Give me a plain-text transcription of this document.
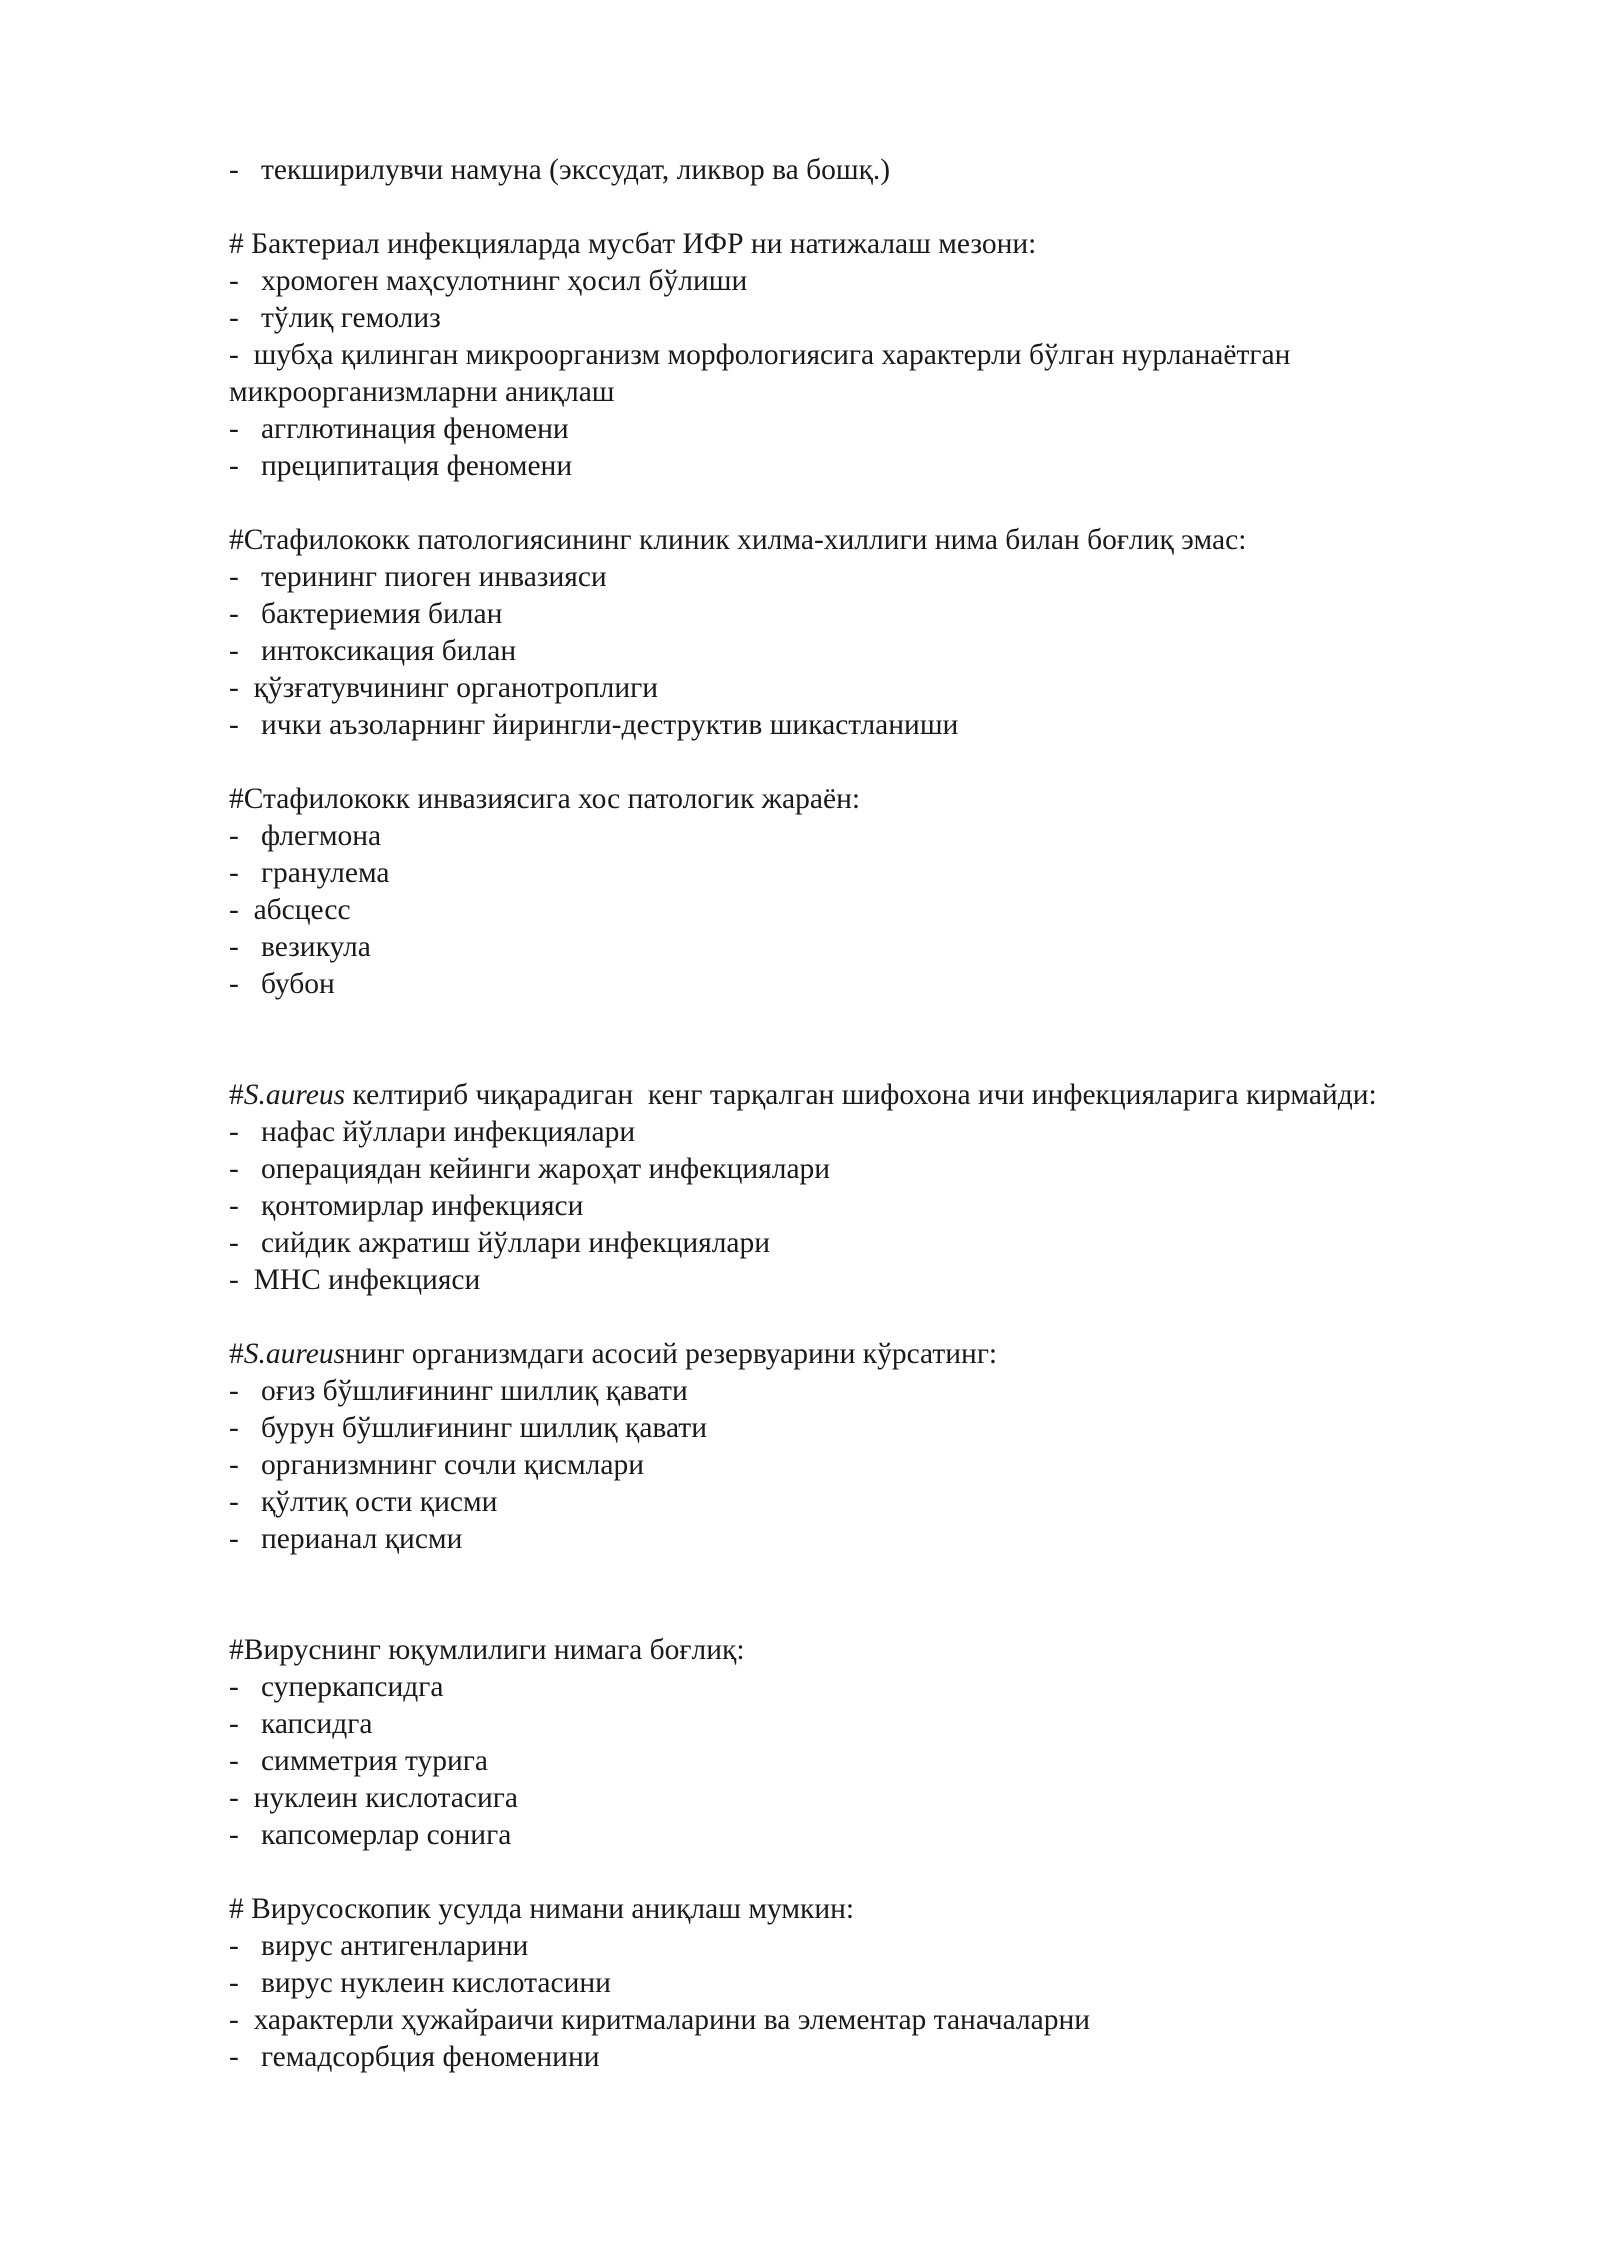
-   текширилувчи намуна (экссудат, ликвор ва бошқ.)
# Бактериал инфекцияларда мусбат ИФР ни натижалаш мезони:
-   хромоген маҳсулотнинг ҳосил бўлиши
-   тўлиқ гемолиз
-  шубҳа қилинган микроорганизм морфологиясига характерли бўлган нурланаётган
микроорганизмларни аниқлаш
-   агглютинация феномени
-   преципитация феномени
#Стафилококк патологиясининг клиник хилма-хиллиги нима билан боғлиқ эмас:
-   терининг пиоген инвазияси
-   бактериемия билан
-   интоксикация билан
-  қўзғатувчининг органотроплиги
-   ички аъзоларнинг йирингли-деструктив шикастланиши
#Стафилококк инвазиясига хос патологик жараён:
-   флегмона
-   гранулема
-  абсцесс
-   везикула
-   бубон
#S.aureus келтириб чиқарадиган  кенг тарқалган шифохона ичи инфекцияларига кирмайди:
-   нафас йўллари инфекциялари
-   операциядан кейинги жароҳат инфекциялари
-   қонтомирлар инфекцияси
-   сийдик ажратиш йўллари инфекциялари
-  МНС инфекцияси
#S.aureusнинг организмдаги асосий резервуарини кўрсатинг:
-   оғиз бўшлиғининг шиллиқ қавати
-   бурун бўшлиғининг шиллиқ қавати
-   организмнинг сочли қисмлари
-   қўлтиқ ости қисми
-   перианал қисми
#Вируснинг юқумлилиги нимага боғлиқ:
-   суперкапсидга
-   капсидга
-   симметрия турига
-  нуклеин кислотасига
-   капсомерлар сонига
# Вирусоскопик усулда нимани аниқлаш мумкин:
-   вирус антигенларини
-   вирус нуклеин кислотасини
-  характерли ҳужайраичи киритмаларини ва элементар таначаларни
-   гемадсорбция феноменини
